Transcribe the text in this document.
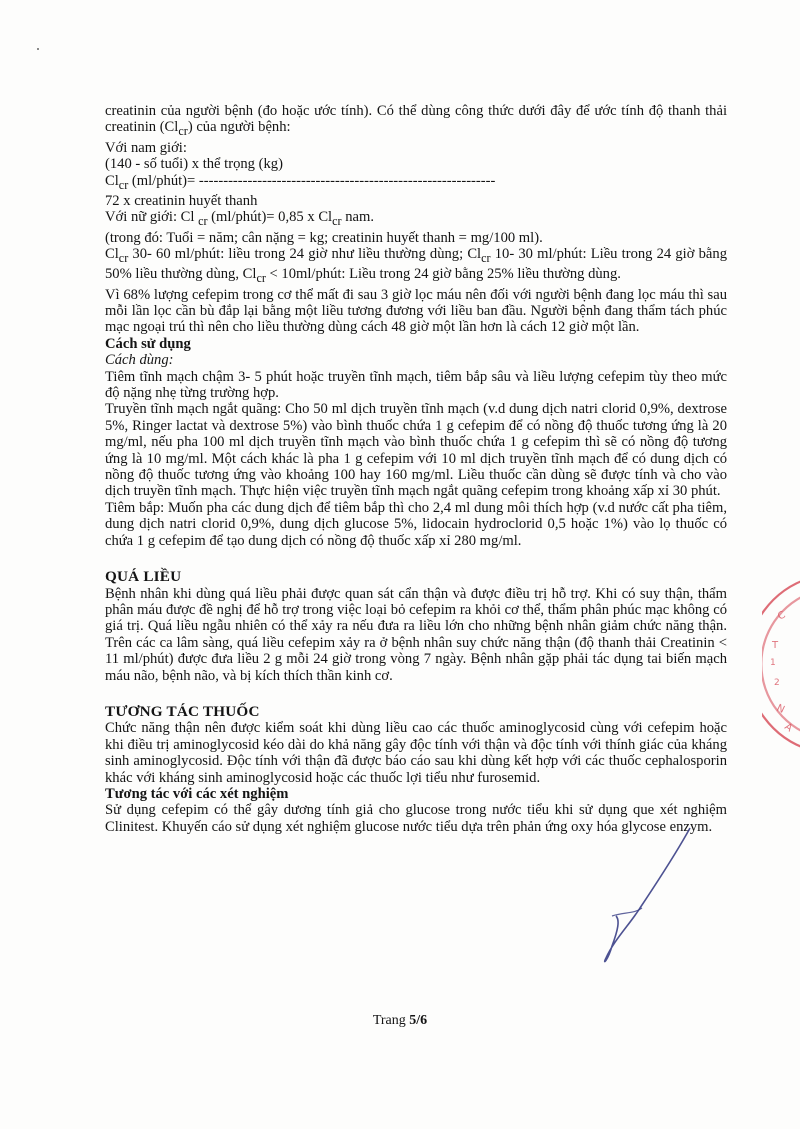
creatinin của người bệnh (đo hoặc ước tính). Có thể dùng công thức dưới đây để ước tính độ thanh thải creatinin $(Cl_{cr})$ của người bệnh:

Với nam giới:

(140 - số tuổi) x thể trọng (kg)

$Cl_{cr}$ (ml/phút)= -------------------------------------------------------------

72 x creatinin huyết thanh

Với nữ giới: Cl $_{cr}$ (ml/phút)= 0,85 x $Cl_{cr}$ nam.

(trong đó: Tuổi = năm; cân nặng = kg; creatinin huyết thanh = mg/100 ml).

$Cl_{cr}$ 30- 60 ml/phút: liều trong 24 giờ như liều thường dùng; $Cl_{cr}$ 10- 30 ml/phút: Liều trong 24 giờ bằng 50% liều thường dùng, $Cl_{cr}$ < 10ml/phút: Liều trong 24 giờ bằng 25% liều thường dùng.

Vì 68% lượng cefepim trong cơ thể mất đi sau 3 giờ lọc máu nên đối với người bệnh đang lọc máu thì sau mỗi lần lọc cần bù đắp lại bằng một liều tương đương với liều ban đầu. Người bệnh đang thẩm tách phúc mạc ngoại trú thì nên cho liều thường dùng cách 48 giờ một lần hơn là cách 12 giờ một lần.

Cách sử dụng

Cách dùng:

Tiêm tĩnh mạch chậm 3- 5 phút hoặc truyền tĩnh mạch, tiêm bắp sâu và liều lượng cefepim tùy theo mức độ nặng nhẹ từng trường hợp.

Truyền tĩnh mạch ngắt quãng: Cho 50 ml dịch truyền tĩnh mạch (v.d dung dịch natri clorid 0,9%, dextrose 5%, Ringer lactat và dextrose 5%) vào bình thuốc chứa 1 g cefepim để có nồng độ thuốc tương ứng là 20 mg/ml, nếu pha 100 ml dịch truyền tĩnh mạch vào bình thuốc chứa 1 g cefepim thì sẽ có nồng độ tương ứng là 10 mg/ml. Một cách khác là pha 1 g cefepim với 10 ml dịch truyền tĩnh mạch để có dung dịch có nồng độ thuốc tương ứng vào khoảng 100 hay 160 mg/ml. Liều thuốc cần dùng sẽ được tính và cho vào dịch truyền tĩnh mạch. Thực hiện việc truyền tĩnh mạch ngắt quãng cefepim trong khoảng xấp xỉ 30 phút.

Tiêm bắp: Muốn pha các dung dịch để tiêm bắp thì cho 2,4 ml dung môi thích hợp (v.d nước cất pha tiêm, dung dịch natri clorid 0,9%, dung dịch glucose 5%, lidocain hydroclorid 0,5 hoặc 1%) vào lọ thuốc có chứa 1 g cefepim để tạo dung dịch có nồng độ thuốc xấp xỉ 280 mg/ml.

QUÁ LIỀU

Bệnh nhân khi dùng quá liều phải được quan sát cẩn thận và được điều trị hỗ trợ. Khi có suy thận, thẩm phân máu được đề nghị để hỗ trợ trong việc loại bỏ cefepim ra khỏi cơ thể, thẩm phân phúc mạc không có giá trị. Quá liều ngẫu nhiên có thể xảy ra nếu đưa ra liều lớn cho những bệnh nhân giảm chức năng thận. Trên các ca lâm sàng, quá liều cefepim xảy ra ở bệnh nhân suy chức năng thận (độ thanh thải Creatinin < 11 ml/phút) được đưa liều 2 g mỗi 24 giờ trong vòng 7 ngày. Bệnh nhân gặp phải tác dụng tai biến mạch máu não, bệnh não, và bị kích thích thần kinh cơ.

TƯƠNG TÁC THUỐC

Chức năng thận nên được kiểm soát khi dùng liều cao các thuốc aminoglycosid cùng với cefepim hoặc khi điều trị aminoglycosid kéo dài do khả năng gây độc tính với thận và độc tính với thính giác của kháng sinh aminoglycosid. Độc tính với thận đã được báo cáo sau khi dùng kết hợp với các thuốc cephalosporin khác với kháng sinh aminoglycosid hoặc các thuốc lợi tiểu như furosemid.

Tương tác với các xét nghiệm

Sử dụng cefepim có thể gây dương tính giả cho glucose trong nước tiểu khi sử dụng que xét nghiệm Clinitest. Khuyến cáo sử dụng xét nghiệm glucose nước tiểu dựa trên phản ứng oxy hóa glycose enzym.

Trang 5/6
C
T
1
2
N
A
